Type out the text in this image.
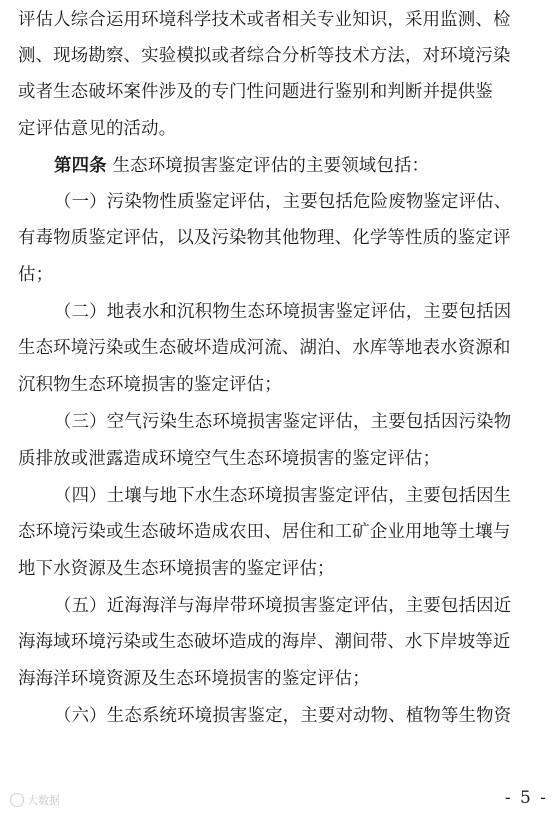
评估人综合运用环境科学技术或者相关专业知识，采用监测、检
测、现场勘察、实验模拟或者综合分析等技术方法，对环境污染
或者生态破坏案件涉及的专门性问题进行鉴别和判断并提供鉴
定评估意见的活动。
第四条 生态环境损害鉴定评估的主要领域包括：
（一）污染物性质鉴定评估，主要包括危险废物鉴定评估、
有毒物质鉴定评估，以及污染物其他物理、化学等性质的鉴定评
估；
（二）地表水和沉积物生态环境损害鉴定评估，主要包括因
生态环境污染或生态破坏造成河流、湖泊、水库等地表水资源和
沉积物生态环境损害的鉴定评估；
（三）空气污染生态环境损害鉴定评估，主要包括因污染物
质排放或泄露造成环境空气生态环境损害的鉴定评估；
（四）土壤与地下水生态环境损害鉴定评估，主要包括因生
态环境污染或生态破坏造成农田、居住和工矿企业用地等土壤与
地下水资源及生态环境损害的鉴定评估；
（五）近海海洋与海岸带环境损害鉴定评估，主要包括因近
海海域环境污染或生态破坏造成的海岸、潮间带、水下岸坡等近
海海洋环境资源及生态环境损害的鉴定评估；
（六）生态系统环境损害鉴定，主要对动物、植物等生物资
大数据	- 5 -
